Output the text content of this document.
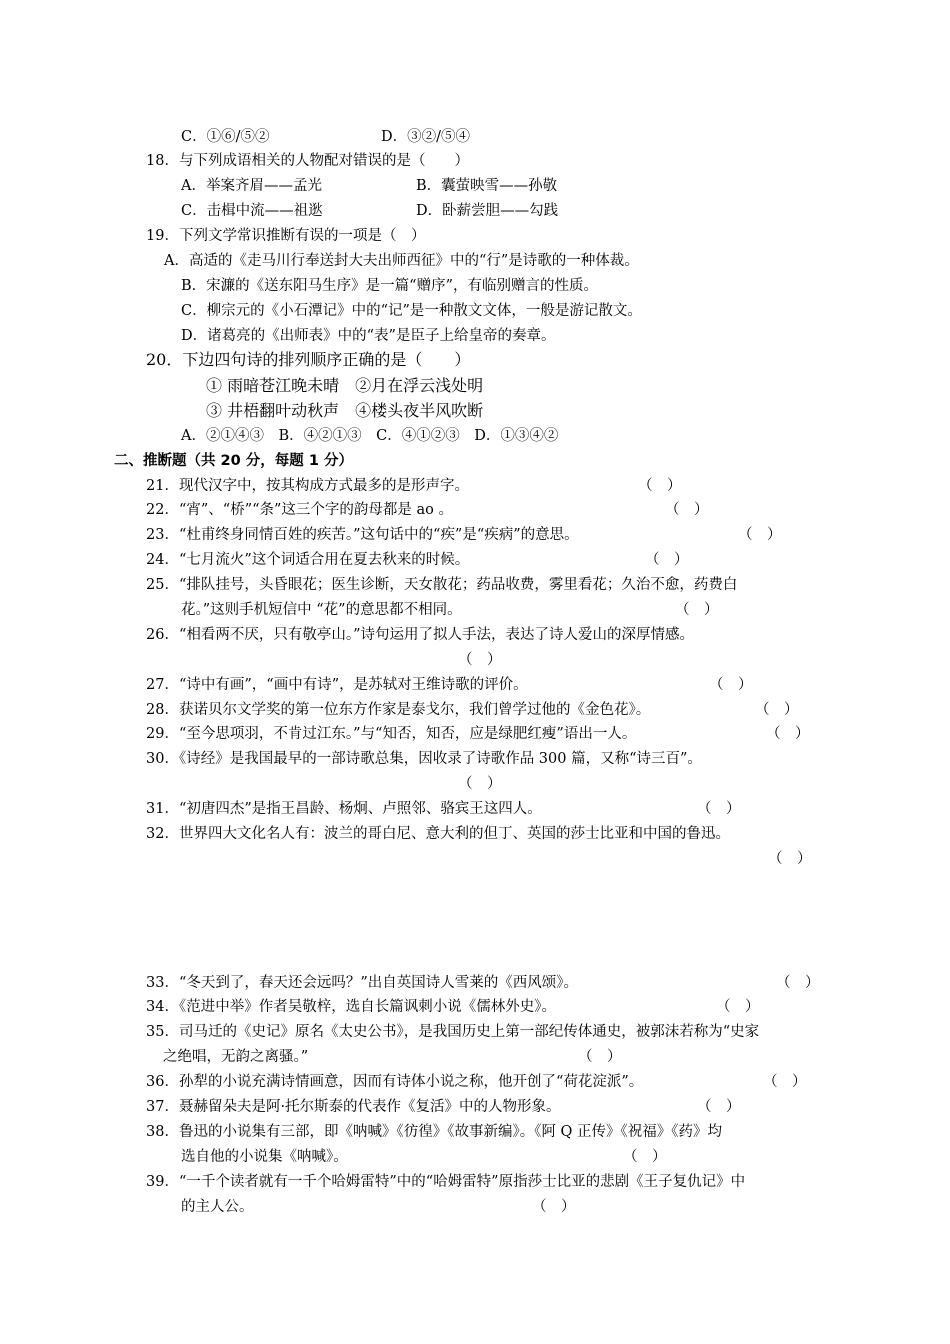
C．①⑥/⑤②	D．③②/⑤④
18．与下列成语相关的人物配对错误的是（　　）
A．举案齐眉——孟光	B．囊萤映雪——孙敬
C．击楫中流——祖逖	D．卧薪尝胆——勾践
19．下列文学常识推断有误的一项是（　）
A．高适的《走马川行奉送封大夫出师西征》中的“行”是诗歌的一种体裁。
B．宋濂的《送东阳马生序》是一篇“赠序”，有临别赠言的性质。
C．柳宗元的《小石潭记》中的“记”是一种散文文体，一般是游记散文。
D．诸葛亮的《出师表》中的“表”是臣子上给皇帝的奏章。
20．下边四句诗的排列顺序正确的是（　　）
① 雨暗苍江晚未晴　②月在浮云浅处明
③ 井梧翻叶动秋声　④楼头夜半风吹断
A．②①④③　B．④②①③　C．④①②③　D．①③④②
二、推断题（共 20 分，每题 1 分）
21．现代汉字中，按其构成方式最多的是形声字。	（　）
22．“宵”、“桥”“条”这三个字的韵母都是 ao 。	（　）
23．“杜甫终身同情百姓的疾苦。”这句话中的“疾”是“疾病”的意思。	（　）
24．“七月流火”这个词适合用在夏去秋来的时候。	（　）
25．“排队挂号，头昏眼花；医生诊断，天女散花；药品收费，雾里看花；久治不愈，药费白
花。”这则手机短信中 “花”的意思都不相同。	（　）
26．“相看两不厌，只有敬亭山。”诗句运用了拟人手法，表达了诗人爱山的深厚情感。
（　）
27．“诗中有画”，“画中有诗”，是苏轼对王维诗歌的评价。	（　）
28．获诺贝尔文学奖的第一位东方作家是泰戈尔，我们曾学过他的《金色花》。	（　）
29．“至今思项羽，不肯过江东。”与“知否，知否，应是绿肥红瘦”语出一人。	（　）
30．《诗经》是我国最早的一部诗歌总集，因收录了诗歌作品 300 篇，又称“诗三百”。
（　）
31．“初唐四杰”是指王昌龄、杨炯、卢照邻、骆宾王这四人。	（　）
32．世界四大文化名人有：波兰的哥白尼、意大利的但丁、英国的莎士比亚和中国的鲁迅。
（　）
33．“冬天到了，春天还会远吗？”出自英国诗人雪莱的《西风颂》。	（　）
34．《范进中举》作者吴敬梓，选自长篇讽刺小说《儒林外史》。	（　）
35．司马迁的《史记》原名《太史公书》，是我国历史上第一部纪传体通史，被郭沫若称为“史家
之绝唱，无韵之离骚。”	（　）
36．孙犁的小说充满诗情画意，因而有诗体小说之称，他开创了“荷花淀派”。	（　）
37．聂赫留朵夫是阿·托尔斯泰的代表作《复活》中的人物形象。	（　）
38．鲁迅的小说集有三部，即《呐喊》《彷徨》《故事新编》。《阿 Q 正传》《祝福》《药》均
选自他的小说集《呐喊》。	（　）
39．“一千个读者就有一千个哈姆雷特”中的“哈姆雷特”原指莎士比亚的悲剧《王子复仇记》中
的主人公。	（　）
